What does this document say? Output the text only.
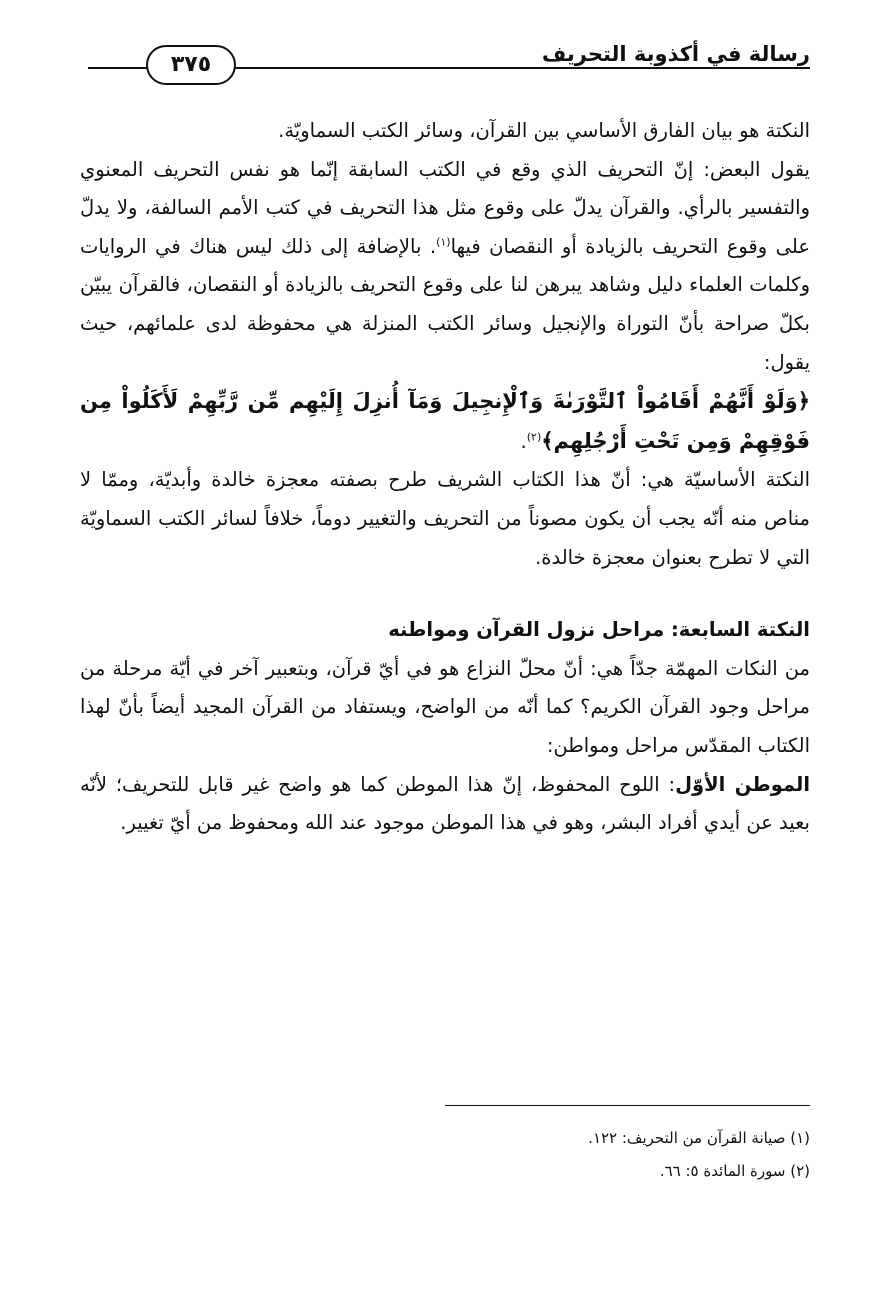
رسالة في أكذوبة التحريف
٣٧٥

النكتة هو بيان الفارق الأساسي بين القرآن، وسائر الكتب السماويّة.

يقول البعض: إنّ التحريف الذي وقع في الكتب السابقة إنّما هو نفس التحريف المعنوي والتفسير بالرأي. والقرآن يدلّ على وقوع مثل هذا التحريف في كتب الأمم السالفة، ولا يدلّ على وقوع التحريف بالزيادة أو النقصان فيها$^{(١)}$. بالإضافة إلى ذلك ليس هناك في الروايات وكلمات العلماء دليل وشاهد يبرهن لنا على وقوع التحريف بالزيادة أو النقصان، فالقرآن يبيّن بكلّ صراحة بأنّ التوراة والإنجيل وسائر الكتب المنزلة هي محفوظة لدى علمائهم، حيث يقول:

﴿وَلَوْ أَنَّهُمْ أَقَامُواْ ٱلتَّوْرَىٰةَ وَٱلْإِنجِيلَ وَمَآ أُنزِلَ إِلَيْهِم مِّن رَّبِّهِمْ لَأَكَلُواْ مِن فَوْقِهِمْ وَمِن تَحْتِ أَرْجُلِهِم﴾$^{(٢)}$.

النكتة الأساسيّة هي: أنّ هذا الكتاب الشريف طرح بصفته معجزة خالدة وأبديّة، وممّا لا مناص منه أنّه يجب أن يكون مصوناً من التحريف والتغيير دوماً، خلافاً لسائر الكتب السماويّة التي لا تطرح بعنوان معجزة خالدة.

النكتة السابعة: مراحل نزول القرآن ومواطنه

من النكات المهمّة جدّاً هي: أنّ محلّ النزاع هو في أيّ قرآن، وبتعبير آخر في أيّة مرحلة من مراحل وجود القرآن الكريم؟ كما أنّه من الواضح، ويستفاد من القرآن المجيد أيضاً بأنّ لهذا الكتاب المقدّس مراحل ومواطن:

الموطن الأوّل: اللوح المحفوظ، إنّ هذا الموطن كما هو واضح غير قابل للتحريف؛ لأنّه بعيد عن أيدي أفراد البشر، وهو في هذا الموطن موجود عند الله ومحفوظ من أيّ تغيير.

(١) صيانة القرآن من التحريف: ١٢٢.

(٢) سورة المائدة ٥: ٦٦.
